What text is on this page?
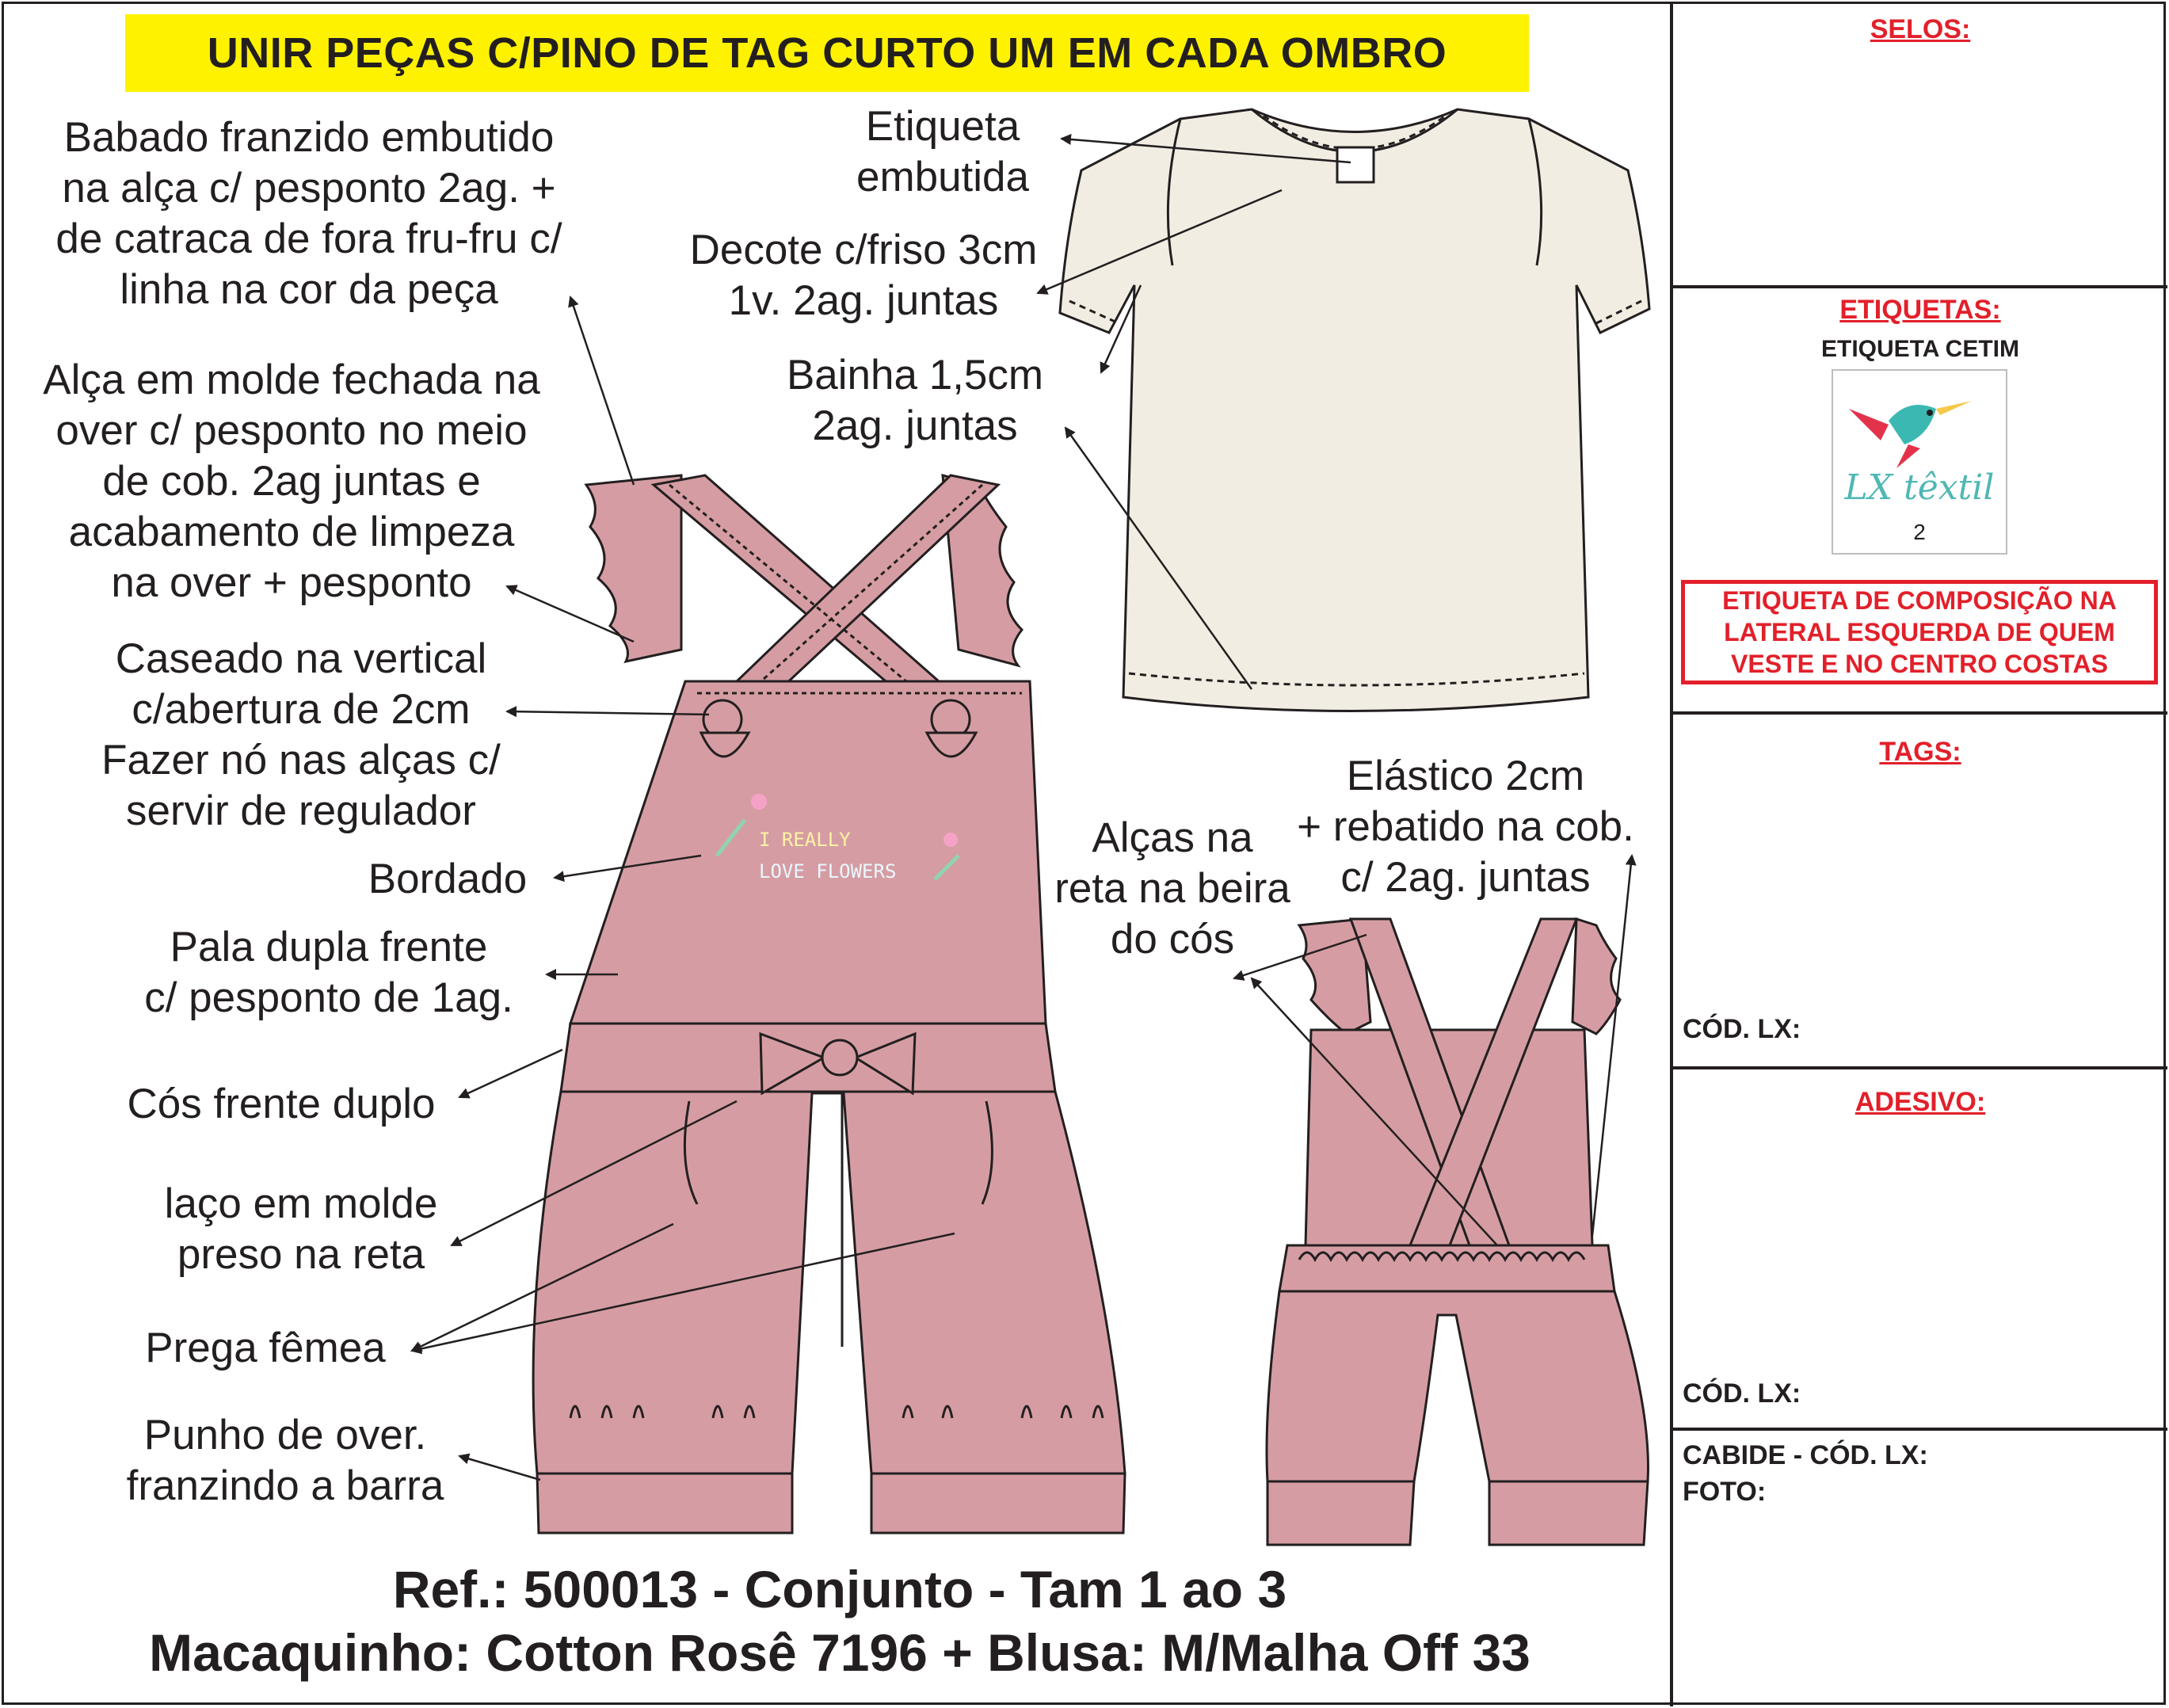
I REALLY
LOVE FLOWERS
UNIR PEÇAS C/PINO DE TAG CURTO UM EM CADA OMBRO
Babado franzido embutido
na alça c/ pesponto 2ag. +
de catraca de fora fru-fru c/
linha na cor da peça
Alça em molde fechada na
over c/ pesponto no meio
de cob. 2ag juntas e
acabamento de limpeza
na over + pesponto
Caseado na vertical
c/abertura de 2cm
Fazer nó nas alças c/
servir de regulador
Bordado
Pala dupla frente
c/ pesponto de 1ag.
Cós frente duplo
laço em molde
preso na reta
Prega fêmea
Punho de over.
franzindo a barra
Etiqueta
embutida
Decote c/friso 3cm
1v. 2ag. juntas
Bainha 1,5cm
2ag. juntas
Alças na
reta na beira
do cós
Elástico 2cm
+ rebatido na cob.
c/ 2ag. juntas
Ref.: 500013 - Conjunto - Tam 1 ao 3
Macaquinho: Cotton Rosê 7196 + Blusa: M/Malha Off 33
SELOS:
ETIQUETAS:
ETIQUETA CETIM
LX têxtil
2
ETIQUETA DE COMPOSIÇÃO NA
LATERAL ESQUERDA DE QUEM
VESTE E NO CENTRO COSTAS
TAGS:
CÓD. LX:
ADESIVO:
CÓD. LX:
CABIDE - CÓD. LX:
FOTO:
